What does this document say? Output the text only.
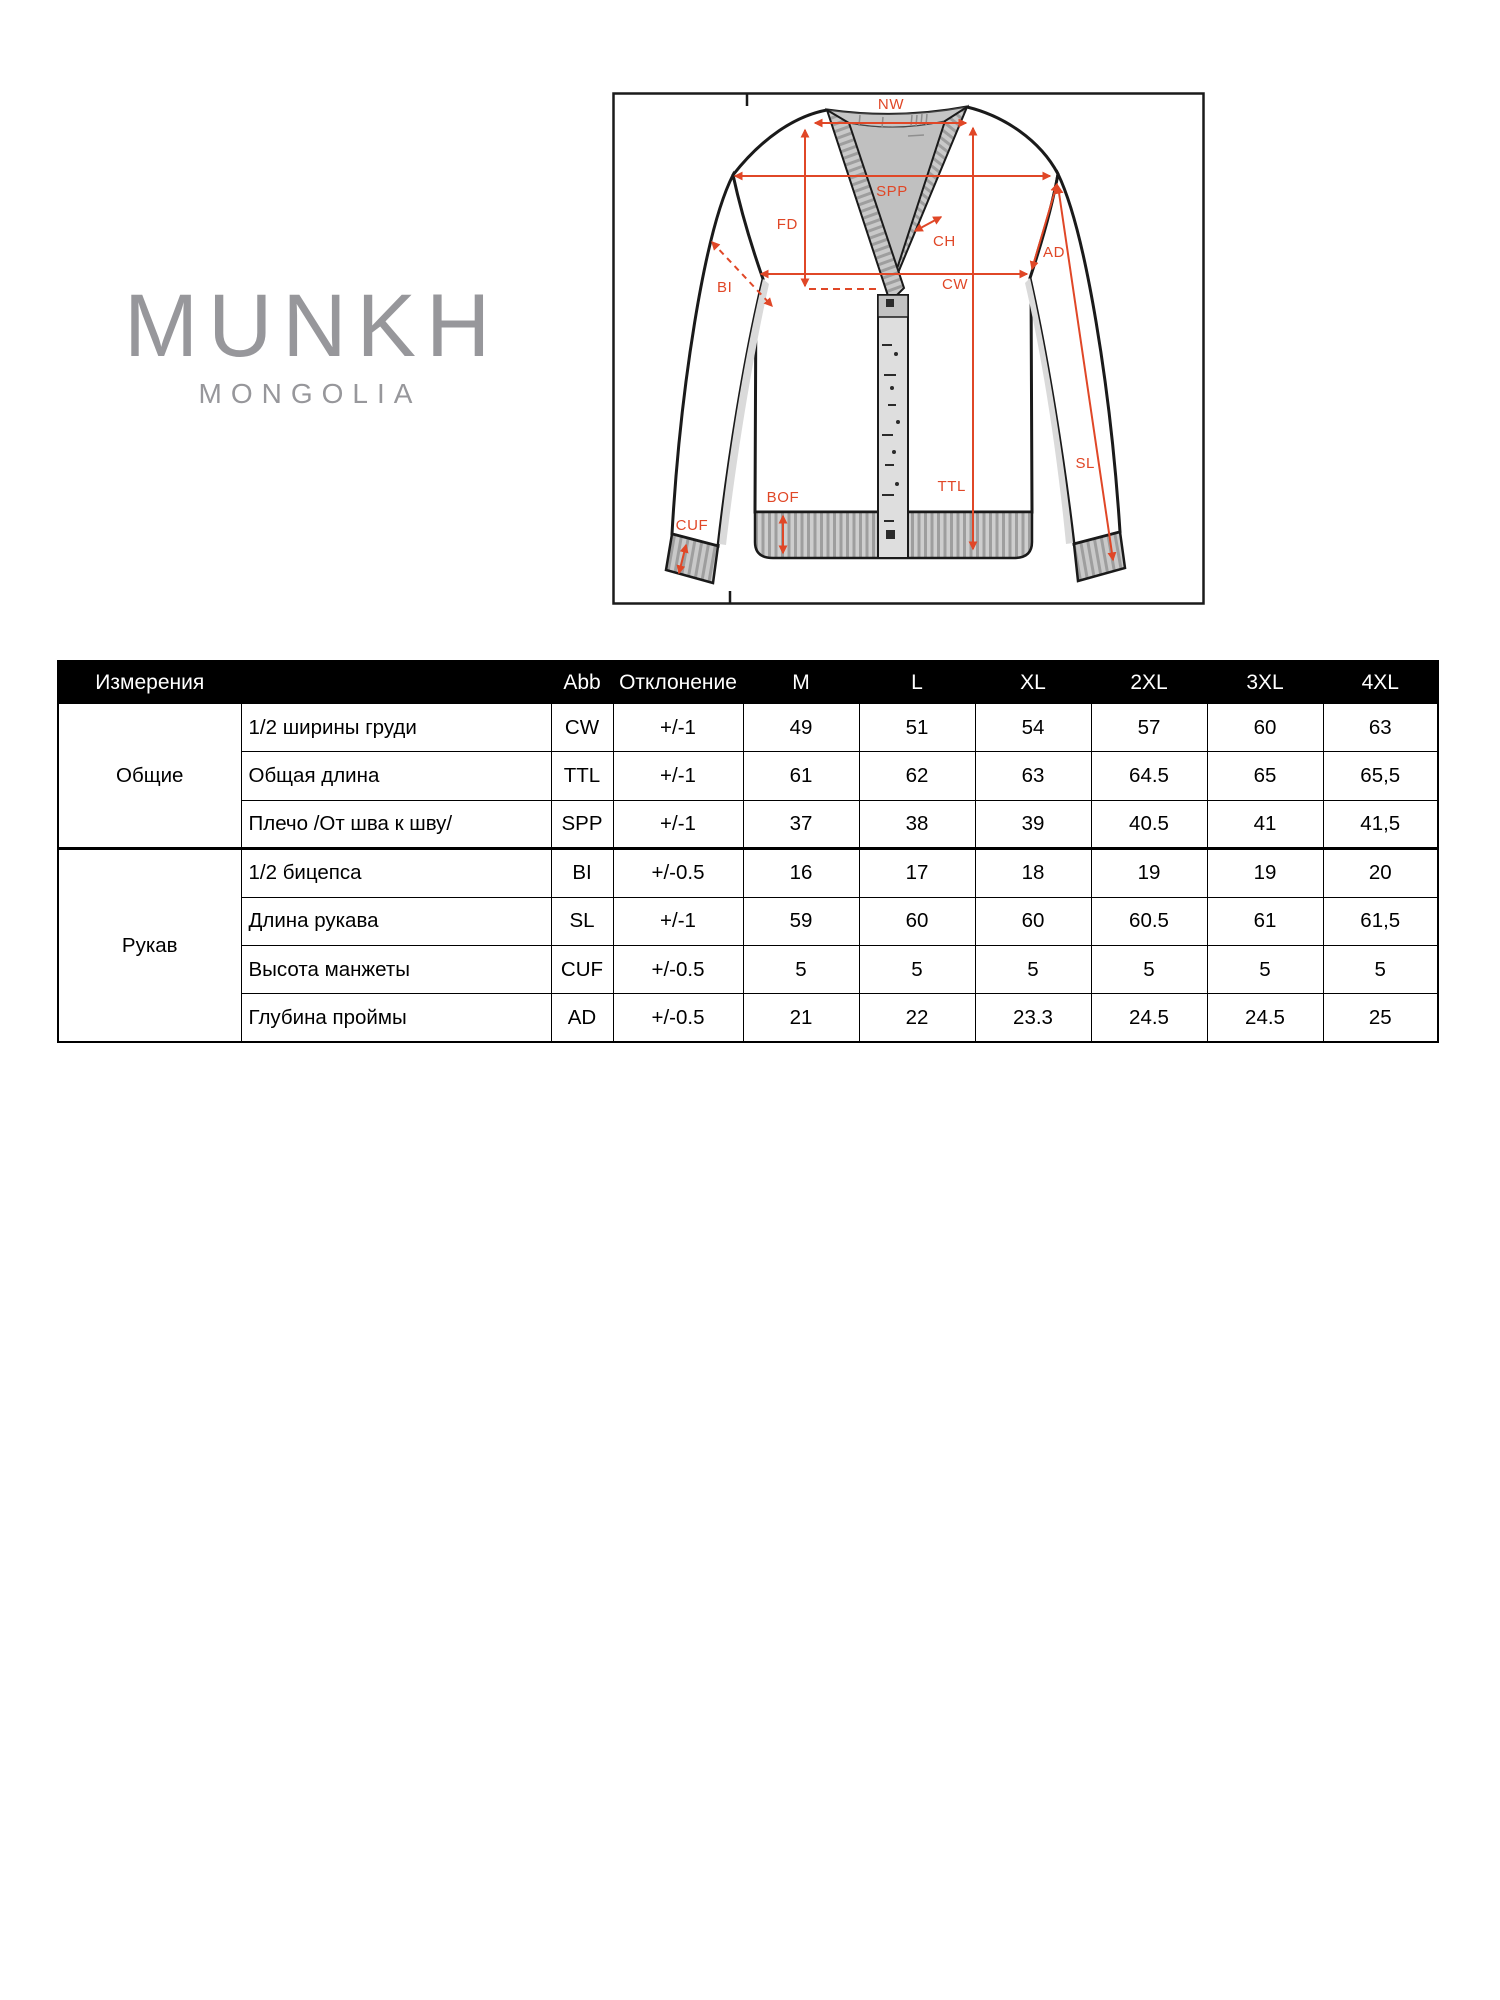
MUNKH
MONGOLIA
NW
SPP
FD
CH
CW
BI
AD
TTL
SL
BOF
CUF
Измерения		Abb	Отклонение	M	L	XL	2XL	3XL	4XL
Общие	1/2 ширины груди	CW	+/-1	49	51	54	57	60	63
	Общая длина	TTL	+/-1	61	62	63	64.5	65	65,5
	Плечо /От шва к шву/	SPP	+/-1	37	38	39	40.5	41	41,5
Рукав	1/2 бицепса	BI	+/-0.5	16	17	18	19	19	20
	Длина рукава	SL	+/-1	59	60	60	60.5	61	61,5
	Высота манжеты	CUF	+/-0.5	5	5	5	5	5	5
	Глубина проймы	AD	+/-0.5	21	22	23.3	24.5	24.5	25
